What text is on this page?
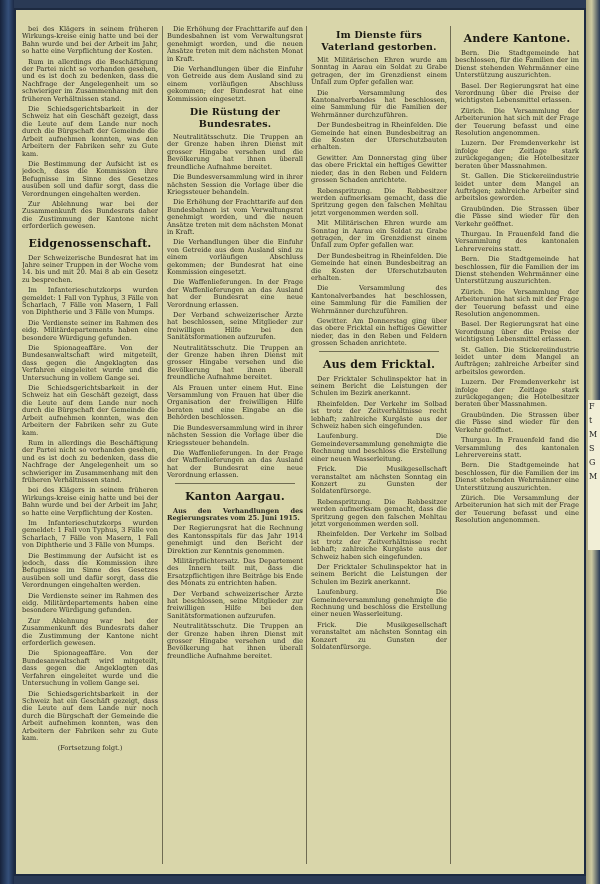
F
t
M
S
G
M

bei des Klägers in seinem früheren Wirkungs-kreise einig hatte und bei der Bahn wurde und bei der Arbeit im Jahr, so hatte eine Verpflichtung der Kosten.

Rum in allerdings die Beschäftigung der Partei nicht so vorhanden gesehen, und es ist doch zu bedenken, dass die Nachfrage der Angelegenheit um so schwieriger im Zusammenhang mit den früheren Verhältnissen stand.

Die Schiedsgerichtsbarkeit in der Schweiz hat ein Geschäft gezeigt, dass die Leute auf dem Lande nur noch durch die Bürgschaft der Gemeinde die Arbeit aufnehmen konnten, was den Arbeitern der Fabriken sehr zu Gute kam.

Die Bestimmung der Aufsicht ist es jedoch, dass die Kommission ihre Befugnisse im Sinne des Gesetzes ausüben soll und dafür sorgt, dass die Verordnungen eingehalten werden.

Zur Ablehnung war bei der Zusammenkunft des Bundesrats daher die Zustimmung der Kantone nicht erforderlich gewesen.

Eidgenossenschaft.

Der Schweizerische Bundesrat hat im Jahre seiner Truppen in der Woche vom 14. bis und mit 20. Mai 8 ab ein Gesetz zu besprechen.

Im Infanterieschutzkorps wurden gemeldet: 1 Fall von Typhus, 3 Fälle von Scharlach, 7 Fälle von Masern, 1 Fall von Diphtherie und 3 Fälle von Mumps.

Die Verdienste seiner im Rahmen des eidg. Militärdepartements haben eine besondere Würdigung gefunden.

Die Spionageaffäre. Von der Bundesanwaltschaft wird mitgeteilt, dass gegen die Angeklagten das Verfahren eingeleitet wurde und die Untersuchung in vollem Gange sei.

Die Schiedsgerichtsbarkeit in der Schweiz hat ein Geschäft gezeigt, dass die Leute auf dem Lande nur noch durch die Bürgschaft der Gemeinde die Arbeit aufnehmen konnten, was den Arbeitern der Fabriken sehr zu Gute kam.

Rum in allerdings die Beschäftigung der Partei nicht so vorhanden gesehen, und es ist doch zu bedenken, dass die Nachfrage der Angelegenheit um so schwieriger im Zusammenhang mit den früheren Verhältnissen stand.

bei des Klägers in seinem früheren Wirkungs-kreise einig hatte und bei der Bahn wurde und bei der Arbeit im Jahr, so hatte eine Verpflichtung der Kosten.

Im Infanterieschutzkorps wurden gemeldet: 1 Fall von Typhus, 3 Fälle von Scharlach, 7 Fälle von Masern, 1 Fall von Diphtherie und 3 Fälle von Mumps.

Die Bestimmung der Aufsicht ist es jedoch, dass die Kommission ihre Befugnisse im Sinne des Gesetzes ausüben soll und dafür sorgt, dass die Verordnungen eingehalten werden.

Die Verdienste seiner im Rahmen des eidg. Militärdepartements haben eine besondere Würdigung gefunden.

Zur Ablehnung war bei der Zusammenkunft des Bundesrats daher die Zustimmung der Kantone nicht erforderlich gewesen.

Die Spionageaffäre. Von der Bundesanwaltschaft wird mitgeteilt, dass gegen die Angeklagten das Verfahren eingeleitet wurde und die Untersuchung in vollem Gange sei.

Die Schiedsgerichtsbarkeit in der Schweiz hat ein Geschäft gezeigt, dass die Leute auf dem Lande nur noch durch die Bürgschaft der Gemeinde die Arbeit aufnehmen konnten, was den Arbeitern der Fabriken sehr zu Gute kam.

(Fortsetzung folgt.)

Die Erhöhung der Frachttarife auf den Bundesbahnen ist vom Verwaltungsrat genehmigt worden, und die neuen Ansätze treten mit dem nächsten Monat in Kraft.

Die Verhandlungen über die Einfuhr von Getreide aus dem Ausland sind zu einem vorläufigen Abschluss gekommen; der Bundesrat hat eine Kommission eingesetzt.

Die Rüstung der Bundesrates.

Neutralitätsschutz. Die Truppen an der Grenze haben ihren Dienst mit grosser Hingabe versehen und die Bevölkerung hat ihnen überall freundliche Aufnahme bereitet.

Die Bundesversammlung wird in ihrer nächsten Session die Vorlage über die Kriegssteuer behandeln.

Die Erhöhung der Frachttarife auf den Bundesbahnen ist vom Verwaltungsrat genehmigt worden, und die neuen Ansätze treten mit dem nächsten Monat in Kraft.

Die Verhandlungen über die Einfuhr von Getreide aus dem Ausland sind zu einem vorläufigen Abschluss gekommen; der Bundesrat hat eine Kommission eingesetzt.

Die Waffenlieferungen. In der Frage der Waffenlieferungen an das Ausland hat der Bundesrat eine neue Verordnung erlassen.

Der Verband schweizerischer Ärzte hat beschlossen, seine Mitglieder zur freiwilligen Hilfe bei den Sanitätsformationen aufzurufen.

Neutralitätsschutz. Die Truppen an der Grenze haben ihren Dienst mit grosser Hingabe versehen und die Bevölkerung hat ihnen überall freundliche Aufnahme bereitet.

Als Frauen unter einem Hut. Eine Versammlung von Frauen hat über die Organisation der freiwilligen Hilfe beraten und eine Eingabe an die Behörden beschlossen.

Die Bundesversammlung wird in ihrer nächsten Session die Vorlage über die Kriegssteuer behandeln.

Die Waffenlieferungen. In der Frage der Waffenlieferungen an das Ausland hat der Bundesrat eine neue Verordnung erlassen.

Kanton Aargau.

Aus den Verhandlungen des Regierungsrates vom 25. Juni 1915.

Der Regierungsrat hat die Rechnung des Kantonsspitals für das Jahr 1914 genehmigt und den Bericht der Direktion zur Kenntnis genommen.

Militärpflichtersatz. Das Departement des Innern teilt mit, dass die Ersatzpflichtigen ihre Beiträge bis Ende des Monats zu entrichten haben.

Der Verband schweizerischer Ärzte hat beschlossen, seine Mitglieder zur freiwilligen Hilfe bei den Sanitätsformationen aufzurufen.

Neutralitätsschutz. Die Truppen an der Grenze haben ihren Dienst mit grosser Hingabe versehen und die Bevölkerung hat ihnen überall freundliche Aufnahme bereitet.

Im Dienste fürs Vaterland gestorben.

Mit Militärischen Ehren wurde am Sonntag in Aarau ein Soldat zu Grabe getragen, der im Grenzdienst einem Unfall zum Opfer gefallen war.

Die Versammlung des Kantonalverbandes hat beschlossen, eine Sammlung für die Familien der Wehrmänner durchzuführen.

Der Bundesbeitrag in Rheinfelden. Die Gemeinde hat einen Bundesbeitrag an die Kosten der Uferschutzbauten erhalten.

Gewitter. Am Donnerstag ging über das obere Fricktal ein heftiges Gewitter nieder, das in den Reben und Feldern grossen Schaden anrichtete.

Rebenspritzung. Die Rebbesitzer werden aufmerksam gemacht, dass die Spritzung gegen den falschen Mehltau jetzt vorgenommen werden soll.

Mit Militärischen Ehren wurde am Sonntag in Aarau ein Soldat zu Grabe getragen, der im Grenzdienst einem Unfall zum Opfer gefallen war.

Der Bundesbeitrag in Rheinfelden. Die Gemeinde hat einen Bundesbeitrag an die Kosten der Uferschutzbauten erhalten.

Die Versammlung des Kantonalverbandes hat beschlossen, eine Sammlung für die Familien der Wehrmänner durchzuführen.

Gewitter. Am Donnerstag ging über das obere Fricktal ein heftiges Gewitter nieder, das in den Reben und Feldern grossen Schaden anrichtete.

Aus dem Fricktal.

Der Fricktaler Schulinspektor hat in seinem Bericht die Leistungen der Schulen im Bezirk anerkannt.

Rheinfelden. Der Verkehr im Solbad ist trotz der Zeitverhältnisse recht lebhaft; zahlreiche Kurgäste aus der Schweiz haben sich eingefunden.

Laufenburg. Die Gemeindeversammlung genehmigte die Rechnung und beschloss die Erstellung einer neuen Wasserleitung.

Frick. Die Musikgesellschaft veranstaltet am nächsten Sonntag ein Konzert zu Gunsten der Soldatenfürsorge.

Rebenspritzung. Die Rebbesitzer werden aufmerksam gemacht, dass die Spritzung gegen den falschen Mehltau jetzt vorgenommen werden soll.

Rheinfelden. Der Verkehr im Solbad ist trotz der Zeitverhältnisse recht lebhaft; zahlreiche Kurgäste aus der Schweiz haben sich eingefunden.

Der Fricktaler Schulinspektor hat in seinem Bericht die Leistungen der Schulen im Bezirk anerkannt.

Laufenburg. Die Gemeindeversammlung genehmigte die Rechnung und beschloss die Erstellung einer neuen Wasserleitung.

Frick. Die Musikgesellschaft veranstaltet am nächsten Sonntag ein Konzert zu Gunsten der Soldatenfürsorge.

Andere Kantone.

Bern. Die Stadtgemeinde hat beschlossen, für die Familien der im Dienst stehenden Wehrmänner eine Unterstützung auszurichten.

Basel. Der Regierungsrat hat eine Verordnung über die Preise der wichtigsten Lebensmittel erlassen.

Zürich. Die Versammlung der Arbeiterunion hat sich mit der Frage der Teuerung befasst und eine Resolution angenommen.

Luzern. Der Fremdenverkehr ist infolge der Zeitlage stark zurückgegangen; die Hotelbesitzer beraten über Massnahmen.

St. Gallen. Die Stickereiindustrie leidet unter dem Mangel an Aufträgen; zahlreiche Arbeiter sind arbeitslos geworden.

Graubünden. Die Strassen über die Pässe sind wieder für den Verkehr geöffnet.

Thurgau. In Frauenfeld fand die Versammlung des kantonalen Lehrervereins statt.

Bern. Die Stadtgemeinde hat beschlossen, für die Familien der im Dienst stehenden Wehrmänner eine Unterstützung auszurichten.

Zürich. Die Versammlung der Arbeiterunion hat sich mit der Frage der Teuerung befasst und eine Resolution angenommen.

Basel. Der Regierungsrat hat eine Verordnung über die Preise der wichtigsten Lebensmittel erlassen.

St. Gallen. Die Stickereiindustrie leidet unter dem Mangel an Aufträgen; zahlreiche Arbeiter sind arbeitslos geworden.

Luzern. Der Fremdenverkehr ist infolge der Zeitlage stark zurückgegangen; die Hotelbesitzer beraten über Massnahmen.

Graubünden. Die Strassen über die Pässe sind wieder für den Verkehr geöffnet.

Thurgau. In Frauenfeld fand die Versammlung des kantonalen Lehrervereins statt.

Bern. Die Stadtgemeinde hat beschlossen, für die Familien der im Dienst stehenden Wehrmänner eine Unterstützung auszurichten.

Zürich. Die Versammlung der Arbeiterunion hat sich mit der Frage der Teuerung befasst und eine Resolution angenommen.
